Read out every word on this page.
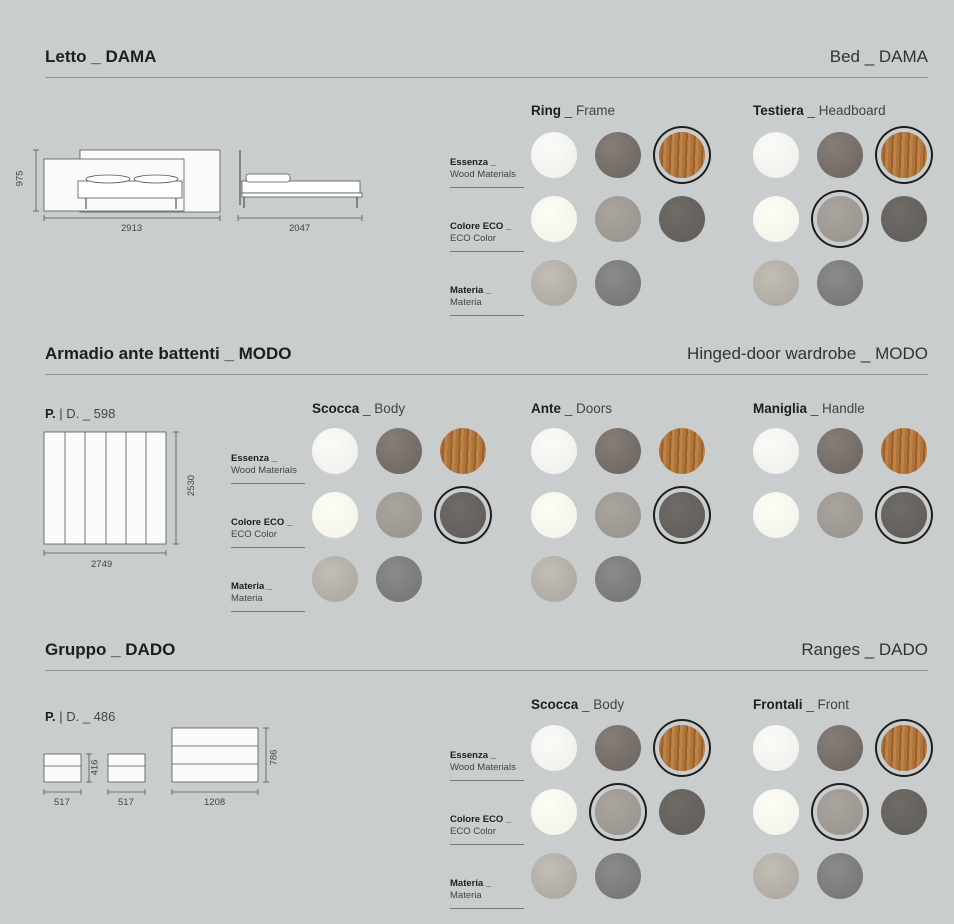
Letto _ DAMA	Bed _ DAMA
975
2913	2047
Ring _ Frame	Testiera _ Headboard
Essenza _
Wood Materials
Colore ECO _
ECO Color
Materia _
Materia
Armadio ante battenti _ MODO	Hinged-door wardrobe _ MODO
P. | D. _ 598
2749
2530
Scocca _ Body	Ante _ Doors	Maniglia _ Handle
Essenza _
Wood Materials
Colore ECO _
ECO Color
Materia _
Materia
Gruppo _ DADO	Ranges _ DADO
P. | D. _ 486
517	517	1208
416
786
Scocca _ Body	Frontali _ Front
Essenza _
Wood Materials
Colore ECO _
ECO Color
Materia _
Materia
